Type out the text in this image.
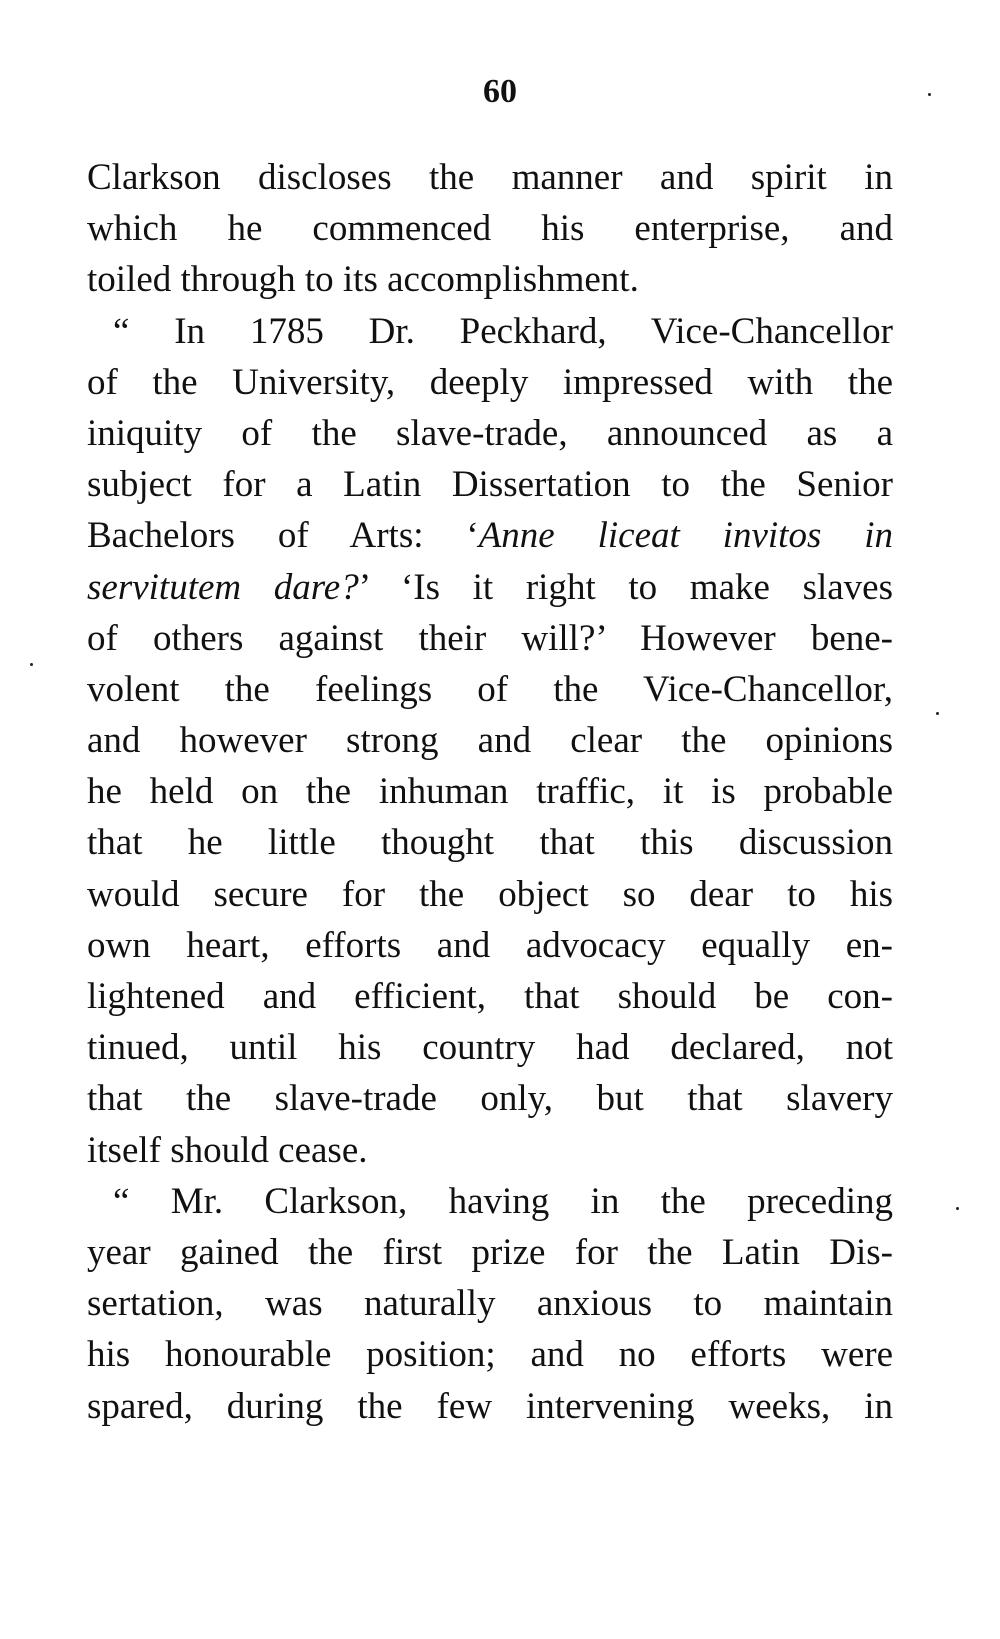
60
Clarkson discloses the manner and spirit in
which he commenced his enterprise, and
toiled through to its accomplishment.
“ In 1785 Dr. Peckhard, Vice-Chancellor
of the University, deeply impressed with the
iniquity of the slave-trade, announced as a
subject for a Latin Dissertation to the Senior
Bachelors of Arts: ‘Anne liceat invitos in
servitutem dare?’ ‘Is it right to make slaves
of others against their will?’ However bene-
volent the feelings of the Vice-Chancellor,
and however strong and clear the opinions
he held on the inhuman traffic, it is probable
that he little thought that this discussion
would secure for the object so dear to his
own heart, efforts and advocacy equally en-
lightened and efficient, that should be con-
tinued, until his country had declared, not
that the slave-trade only, but that slavery
itself should cease.
“ Mr. Clarkson, having in the preceding
year gained the first prize for the Latin Dis-
sertation, was naturally anxious to maintain
his honourable position; and no efforts were
spared, during the few intervening weeks, in
